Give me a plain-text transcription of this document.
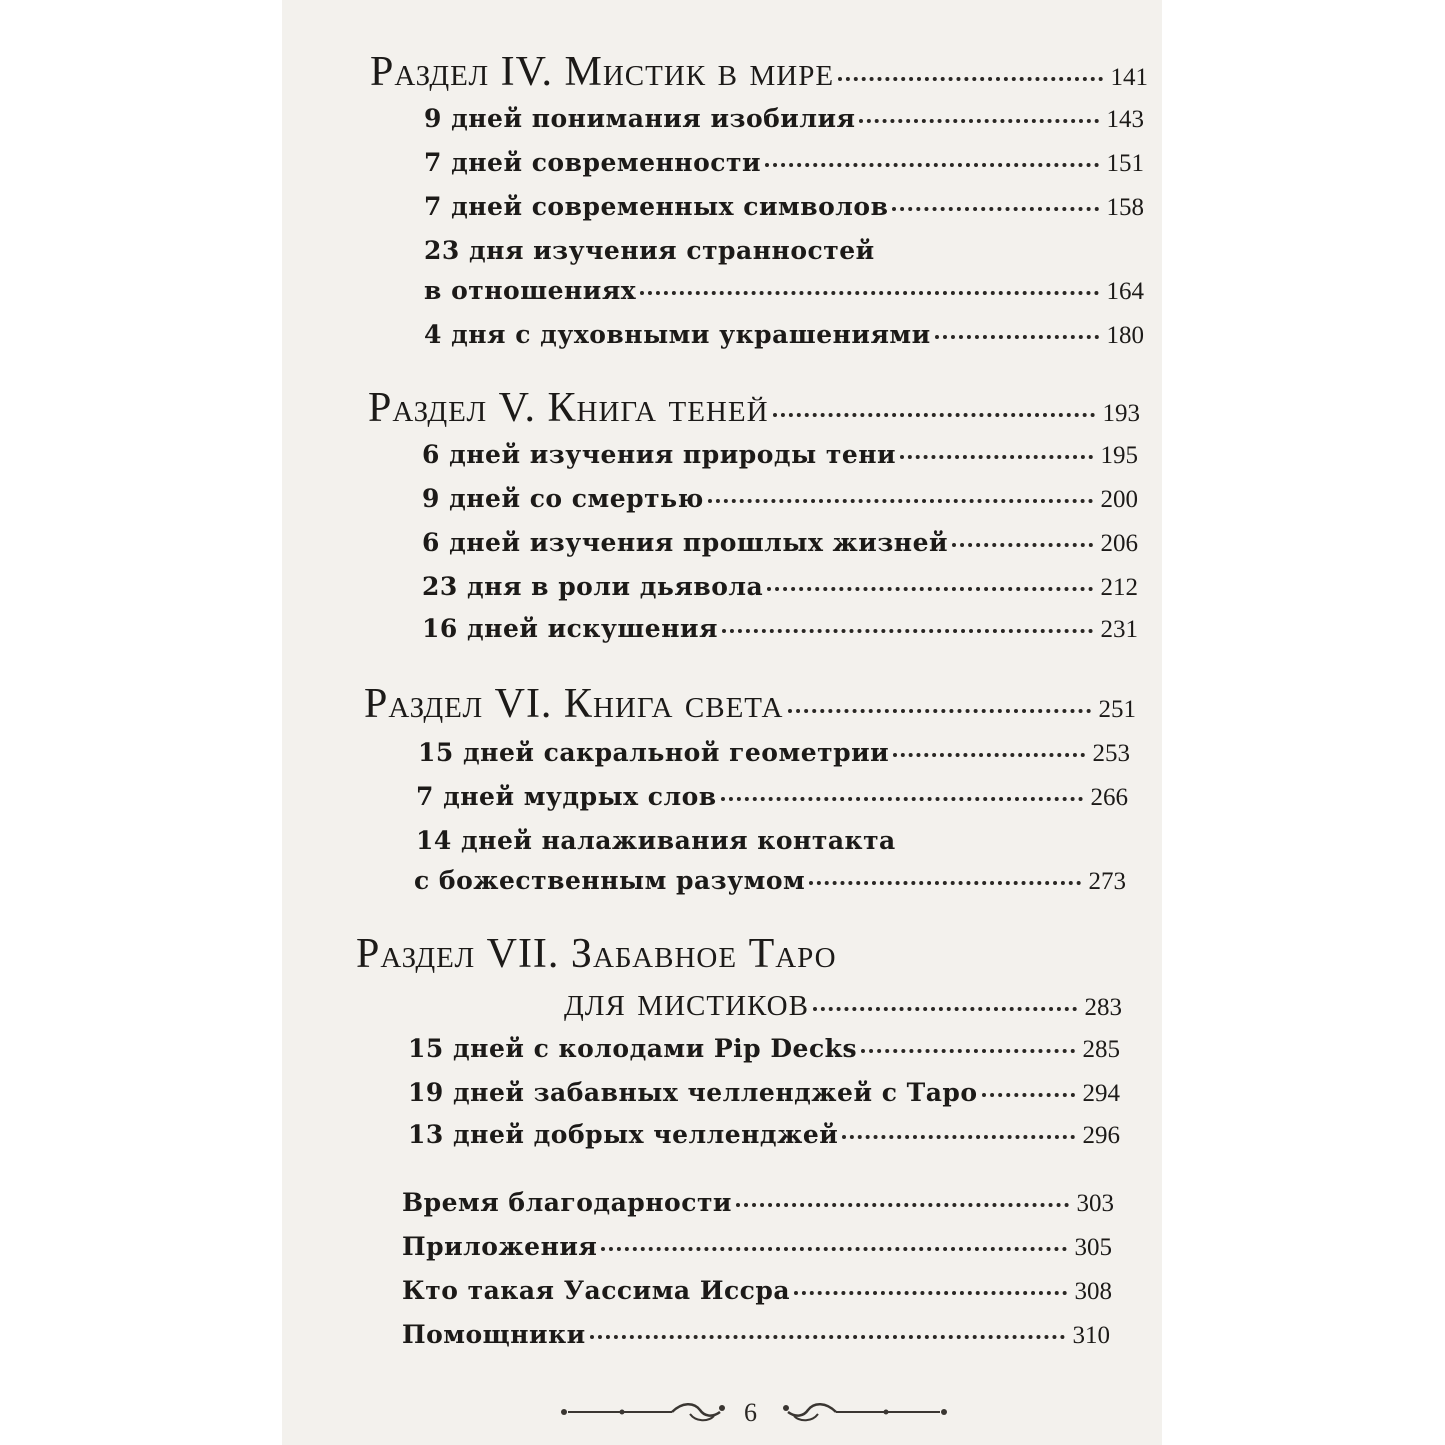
Раздел IV. Мистик в мире	141
9 дней понимания изобилия	143
7 дней современности	151
7 дней современных символов	158
23 дня изучения странностей
в отношениях	164
4 дня с духовными украшениями	180
Раздел V. Книга теней	193
6 дней изучения природы тени	195
9 дней со смертью	200
6 дней изучения прошлых жизней	206
23 дня в роли дьявола	212
16 дней искушения	231
Раздел VI. Книга света	251
15 дней сакральной геометрии	253
7 дней мудрых слов	266
14 дней налаживания контакта
с божественным разумом	273
Раздел VII. Забавное Таро
для мистиков	283
15 дней с колодами Pip Decks	285
19 дней забавных челленджей с Таро	294
13 дней добрых челленджей	296
Время благодарности	303
Приложения	305
Кто такая Уассима Исcра	308
Помощники	310
6
